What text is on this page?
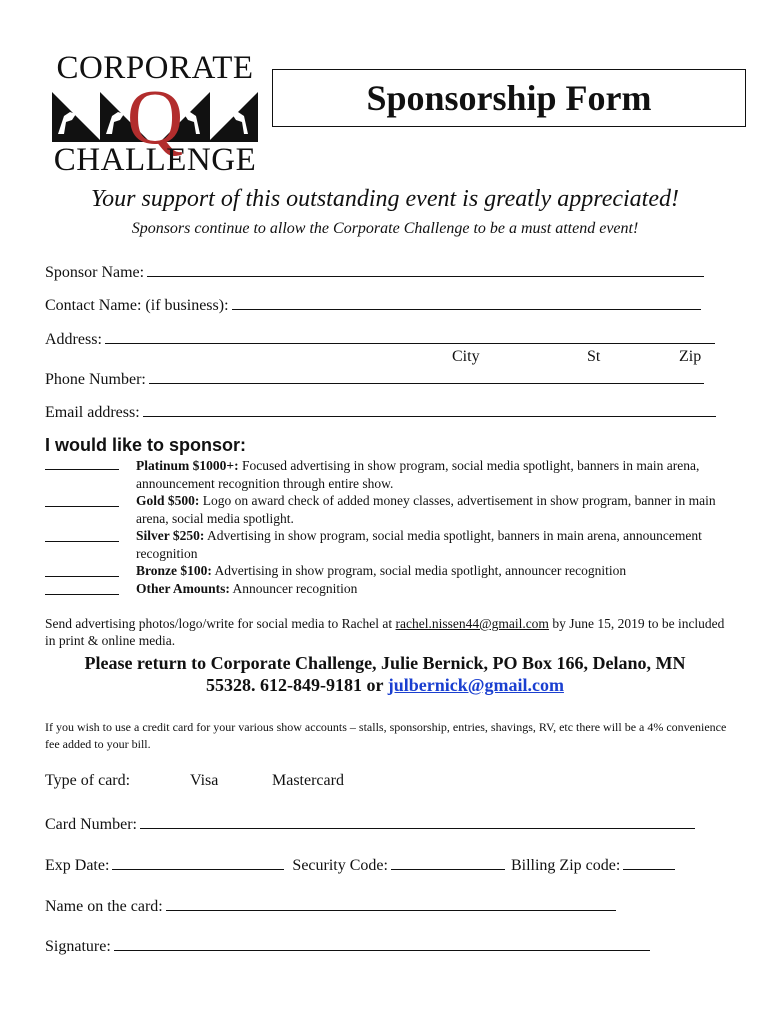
CORPORATE
Q
CHALLENGE
Sponsorship Form
Your support of this outstanding event is greatly appreciated!
Sponsors continue to allow the Corporate Challenge to be a must attend event!
Sponsor Name:
Contact Name: (if business):
Address:
City	St	Zip
Phone Number:
Email address:
I would like to sponsor:
Platinum $1000+: Focused advertising in show program, social media spotlight, banners in main arena, announcement recognition through entire show.
Gold $500: Logo on award check of added money classes, advertisement in show program, banner in main arena, social media spotlight.
Silver $250: Advertising in show program, social media spotlight, banners in main arena, announcement recognition
Bronze $100: Advertising in show program, social media spotlight, announcer recognition
Other Amounts: Announcer recognition
Send advertising photos/logo/write for social media to Rachel at rachel.nissen44@gmail.com by June 15, 2019 to be included in print & online media.
Please return to Corporate Challenge, Julie Bernick, PO Box 166, Delano, MN
55328. 612-849-9181 or julbernick@gmail.com
If you wish to use a credit card for your various show accounts – stalls, sponsorship, entries, shavings, RV, etc there will be a 4% convenience fee added to your bill.
Type of card:	Visa	Mastercard
Card Number:
Exp Date:	Security Code:	Billing Zip code:
Name on the card:
Signature:
